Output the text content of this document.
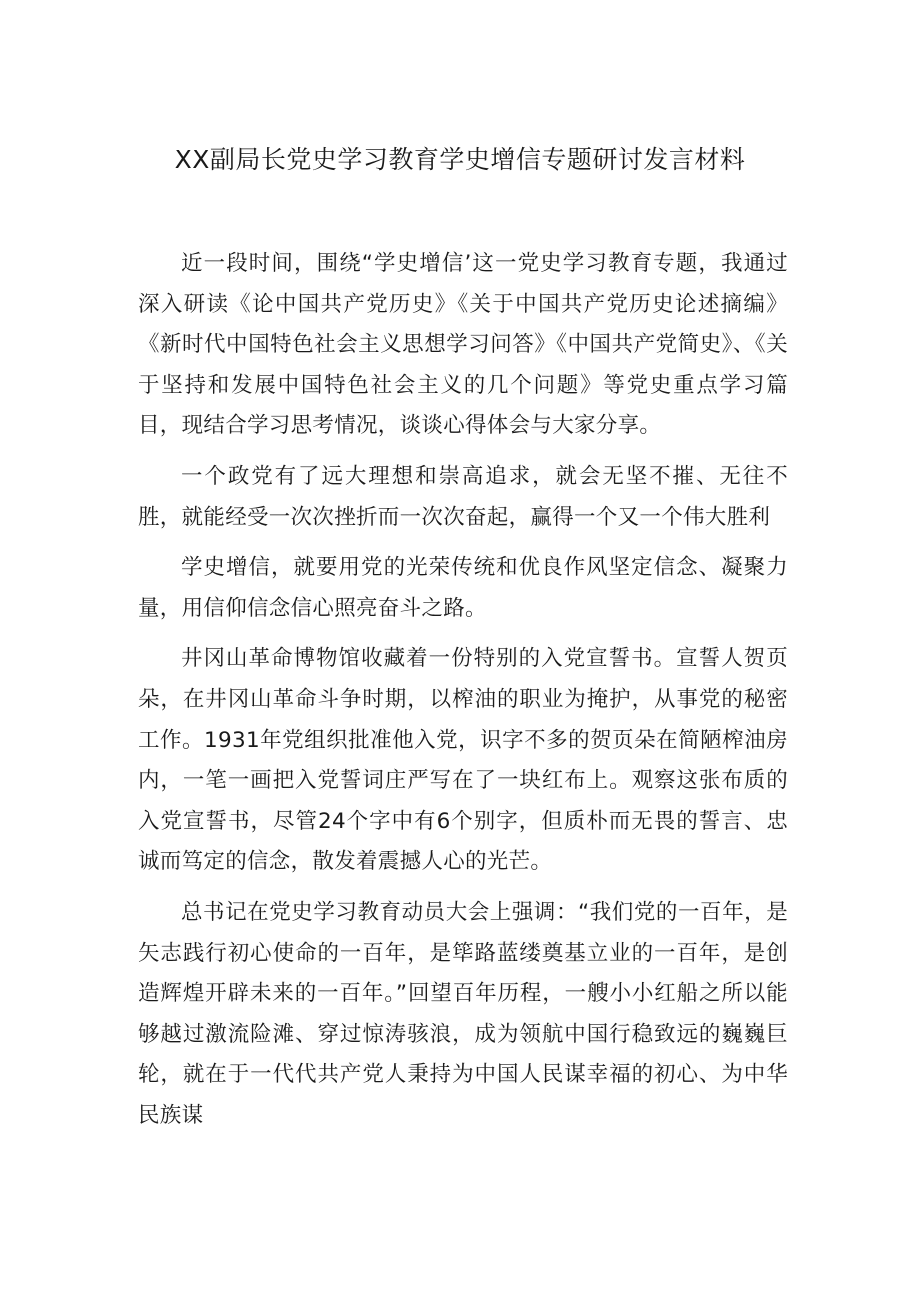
XX副局长党史学习教育学史增信专题研讨发言材料

近一段时间，围绕“学史增信’这一党史学习教育专题，我通过深入研读《论中国共产党历史》《关于中国共产党历史论述摘编》《新时代中国特色社会主义思想学习问答》《中国共产党简史》、《关于坚持和发展中国特色社会主义的几个问题》等党史重点学习篇目，现结合学习思考情况，谈谈心得体会与大家分享。

一个政党有了远大理想和崇高追求，就会无坚不摧、无往不胜，就能经受一次次挫折而一次次奋起，赢得一个又一个伟大胜利

学史增信，就要用党的光荣传统和优良作风坚定信念、凝聚力量，用信仰信念信心照亮奋斗之路。

井冈山革命博物馆收藏着一份特别的入党宣誓书。宣誓人贺页朵，在井冈山革命斗争时期，以榨油的职业为掩护，从事党的秘密工作。1931年党组织批准他入党，识字不多的贺页朵在简陋榨油房内，一笔一画把入党誓词庄严写在了一块红布上。观察这张布质的入党宣誓书，尽管24个字中有6个别字，但质朴而无畏的誓言、忠诚而笃定的信念，散发着震撼人心的光芒。

总书记在党史学习教育动员大会上强调：“我们党的一百年，是矢志践行初心使命的一百年，是筚路蓝缕奠基立业的一百年，是创造辉煌开辟未来的一百年。”回望百年历程，一艘小小红船之所以能够越过激流险滩、穿过惊涛骇浪，成为领航中国行稳致远的巍巍巨轮，就在于一代代共产党人秉持为中国人民谋幸福的初心、为中华民族谋
